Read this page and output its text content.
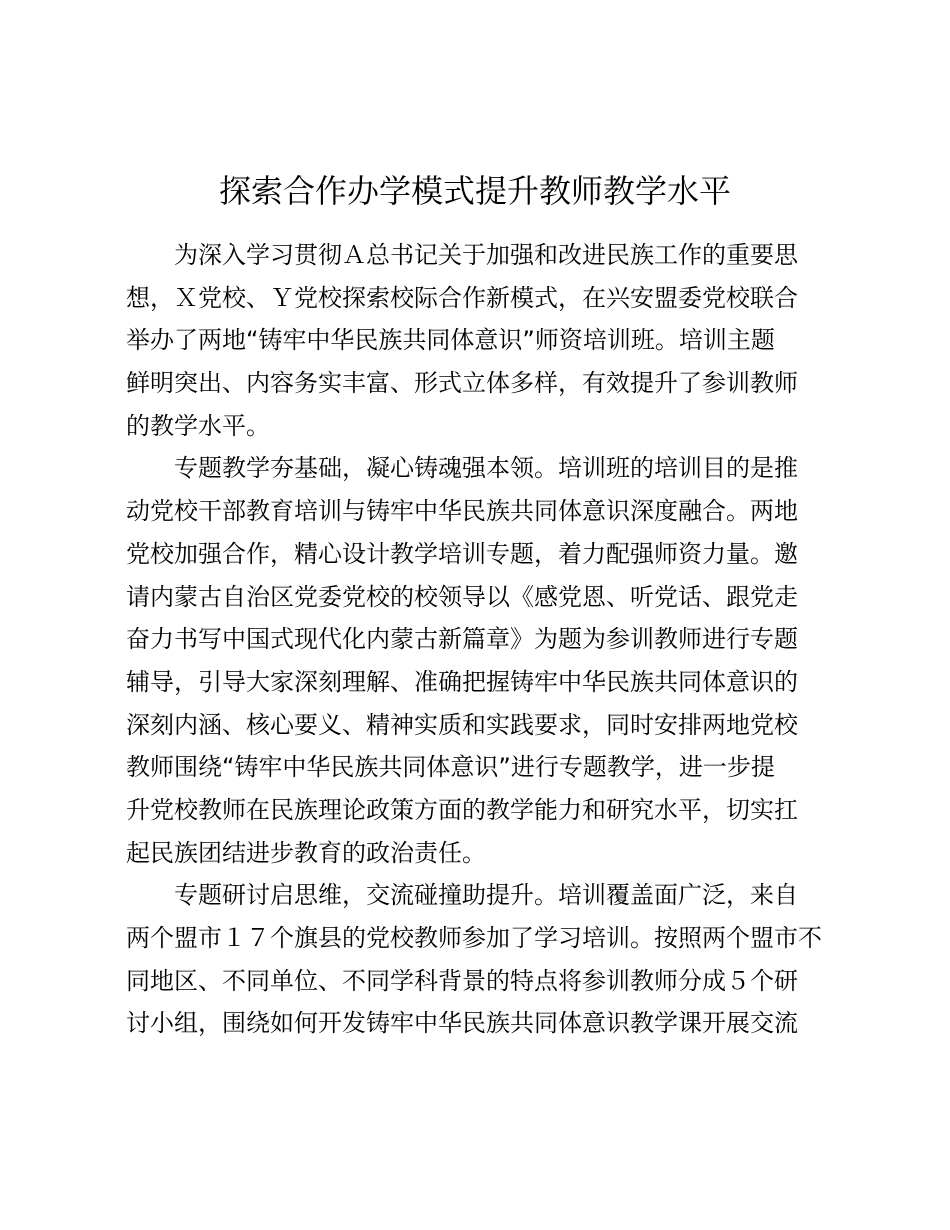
探索合作办学模式提升教师教学水平
为深入学习贯彻Ａ总书记关于加强和改进民族工作的重要思
想，Ｘ党校、Ｙ党校探索校际合作新模式，在兴安盟委党校联合
举办了两地“铸牢中华民族共同体意识”师资培训班。培训主题
鲜明突出、内容务实丰富、形式立体多样，有效提升了参训教师
的教学水平。
专题教学夯基础，凝心铸魂强本领。培训班的培训目的是推
动党校干部教育培训与铸牢中华民族共同体意识深度融合。两地
党校加强合作，精心设计教学培训专题，着力配强师资力量。邀
请内蒙古自治区党委党校的校领导以《感党恩、听党话、跟党走
奋力书写中国式现代化内蒙古新篇章》为题为参训教师进行专题
辅导，引导大家深刻理解、准确把握铸牢中华民族共同体意识的
深刻内涵、核心要义、精神实质和实践要求，同时安排两地党校
教师围绕“铸牢中华民族共同体意识”进行专题教学，进一步提
升党校教师在民族理论政策方面的教学能力和研究水平，切实扛
起民族团结进步教育的政治责任。
专题研讨启思维，交流碰撞助提升。培训覆盖面广泛，来自
两个盟市１７个旗县的党校教师参加了学习培训。按照两个盟市不
同地区、不同单位、不同学科背景的特点将参训教师分成５个研
讨小组，围绕如何开发铸牢中华民族共同体意识教学课开展交流
